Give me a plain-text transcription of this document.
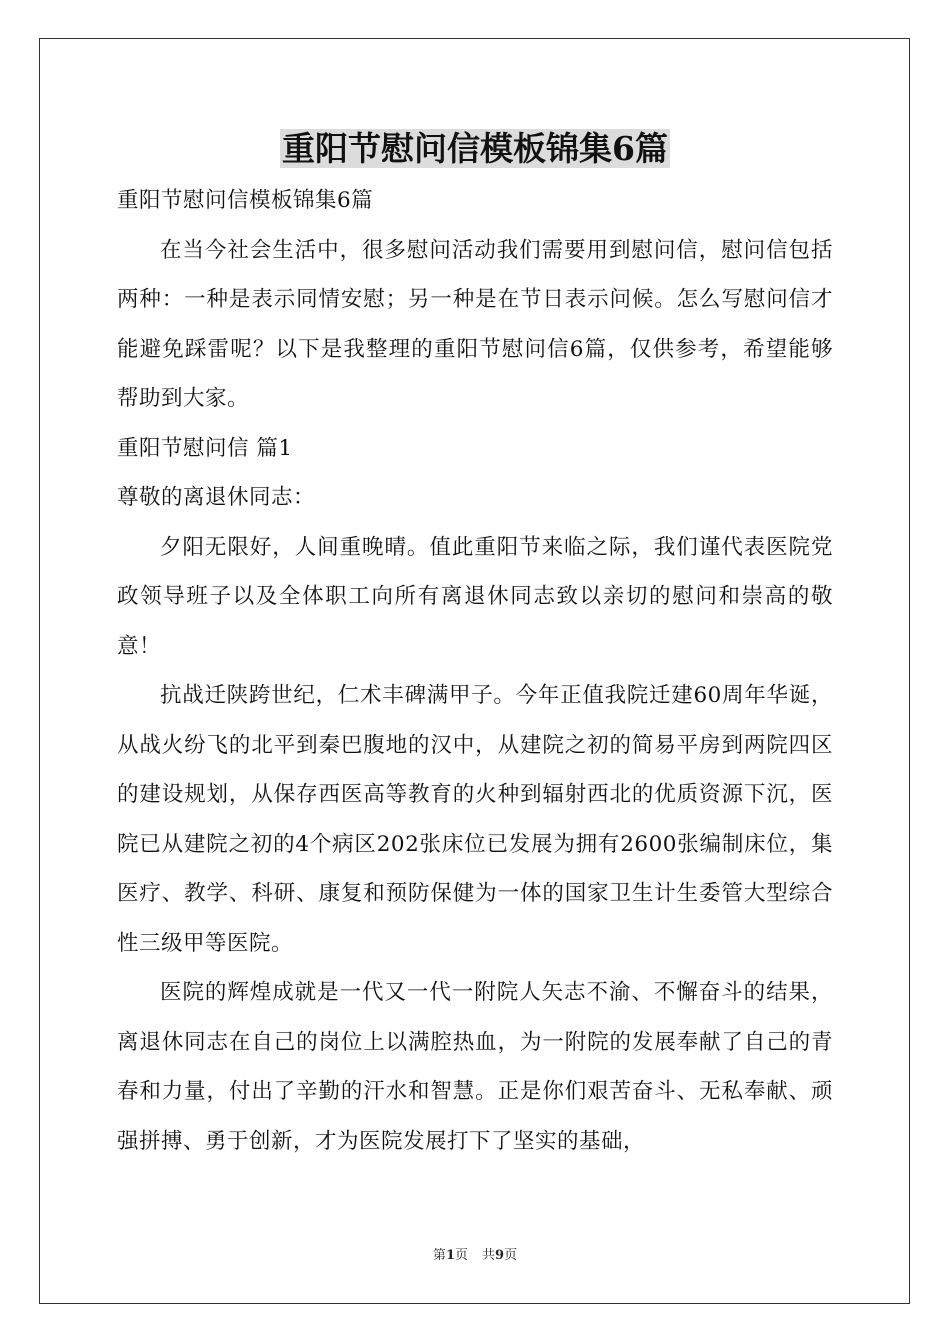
重阳节慰问信模板锦集6篇

重阳节慰问信模板锦集6篇

在当今社会生活中，很多慰问活动我们需要用到慰问信，慰问信包括两种：一种是表示同情安慰；另一种是在节日表示问候。怎么写慰问信才能避免踩雷呢？以下是我整理的重阳节慰问信6篇，仅供参考，希望能够帮助到大家。

重阳节慰问信 篇1

尊敬的离退休同志：

夕阳无限好，人间重晚晴。值此重阳节来临之际，我们谨代表医院党政领导班子以及全体职工向所有离退休同志致以亲切的慰问和崇高的敬意！

抗战迁陕跨世纪，仁术丰碑满甲子。今年正值我院迁建60周年华诞，从战火纷飞的北平到秦巴腹地的汉中，从建院之初的简易平房到两院四区的建设规划，从保存西医高等教育的火种到辐射西北的优质资源下沉，医院已从建院之初的4个病区202张床位已发展为拥有2600张编制床位，集医疗、教学、科研、康复和预防保健为一体的国家卫生计生委管大型综合性三级甲等医院。

医院的辉煌成就是一代又一代一附院人矢志不渝、不懈奋斗的结果，离退休同志在自己的岗位上以满腔热血，为一附院的发展奉献了自己的青春和力量，付出了辛勤的汗水和智慧。正是你们艰苦奋斗、无私奉献、顽强拼搏、勇于创新，才为医院发展打下了坚实的基础，

第1页 共9页
